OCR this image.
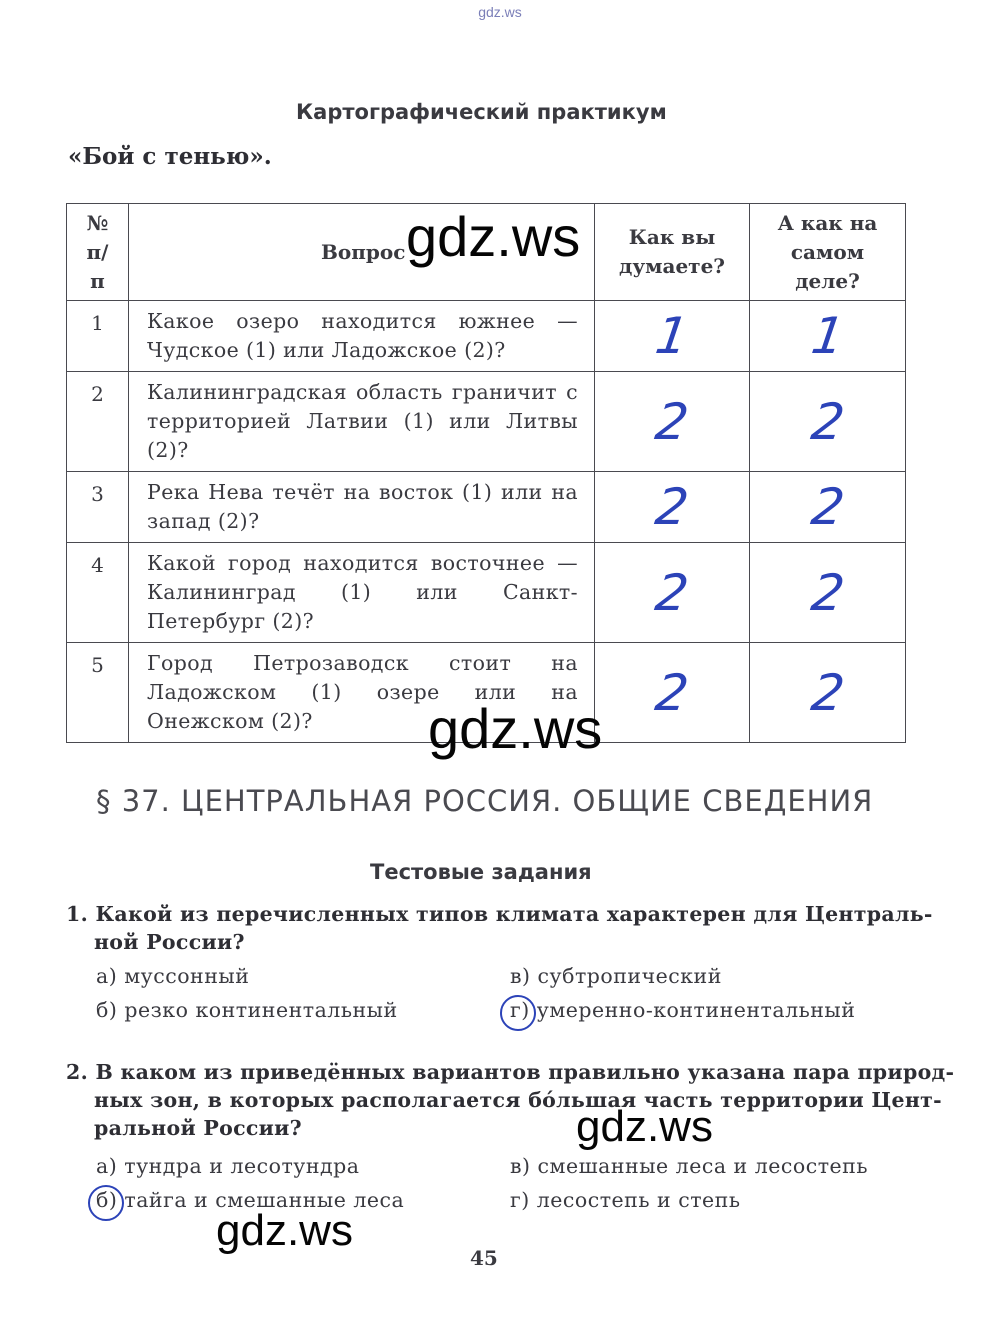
gdz.ws
Картографический практикум
«Бой с тенью».
№ п/п	Вопрос	Как вы думаете?	А как на самом деле?
1	Какое озеро находится южнее — Чудское (1) или Ладожское (2)?	1	1
2	Калининградская область граничит с территорией Латвии (1) или Литвы (2)?	2	2
3	Река Нева течёт на восток (1) или на запад (2)?	2	2
4	Какой город находится восточнее — Калининград (1) или Санкт-Петербург (2)?	2	2
5	Город Петрозаводск стоит на Ладожском (1) озере или на Онежском (2)?	2	2
gdz.ws
gdz.ws
gdz.ws
gdz.ws
§ 37. ЦЕНТРАЛЬНАЯ РОССИЯ. ОБЩИЕ СВЕДЕНИЯ
Тестовые задания
1. Какой из перечисленных типов климата характерен для Централь-
ной России?
а) муссонный
б) резко континентальный
в) субтропический
г) умеренно-континентальный
2. В каком из приведённых вариантов правильно указана пара природ-
ных зон, в которых располагается бóльшая часть территории Цент-
ральной России?
а) тундра и лесотундра
б) тайга и смешанные леса
в) смешанные леса и лесостепь
г) лесостепь и степь
45
